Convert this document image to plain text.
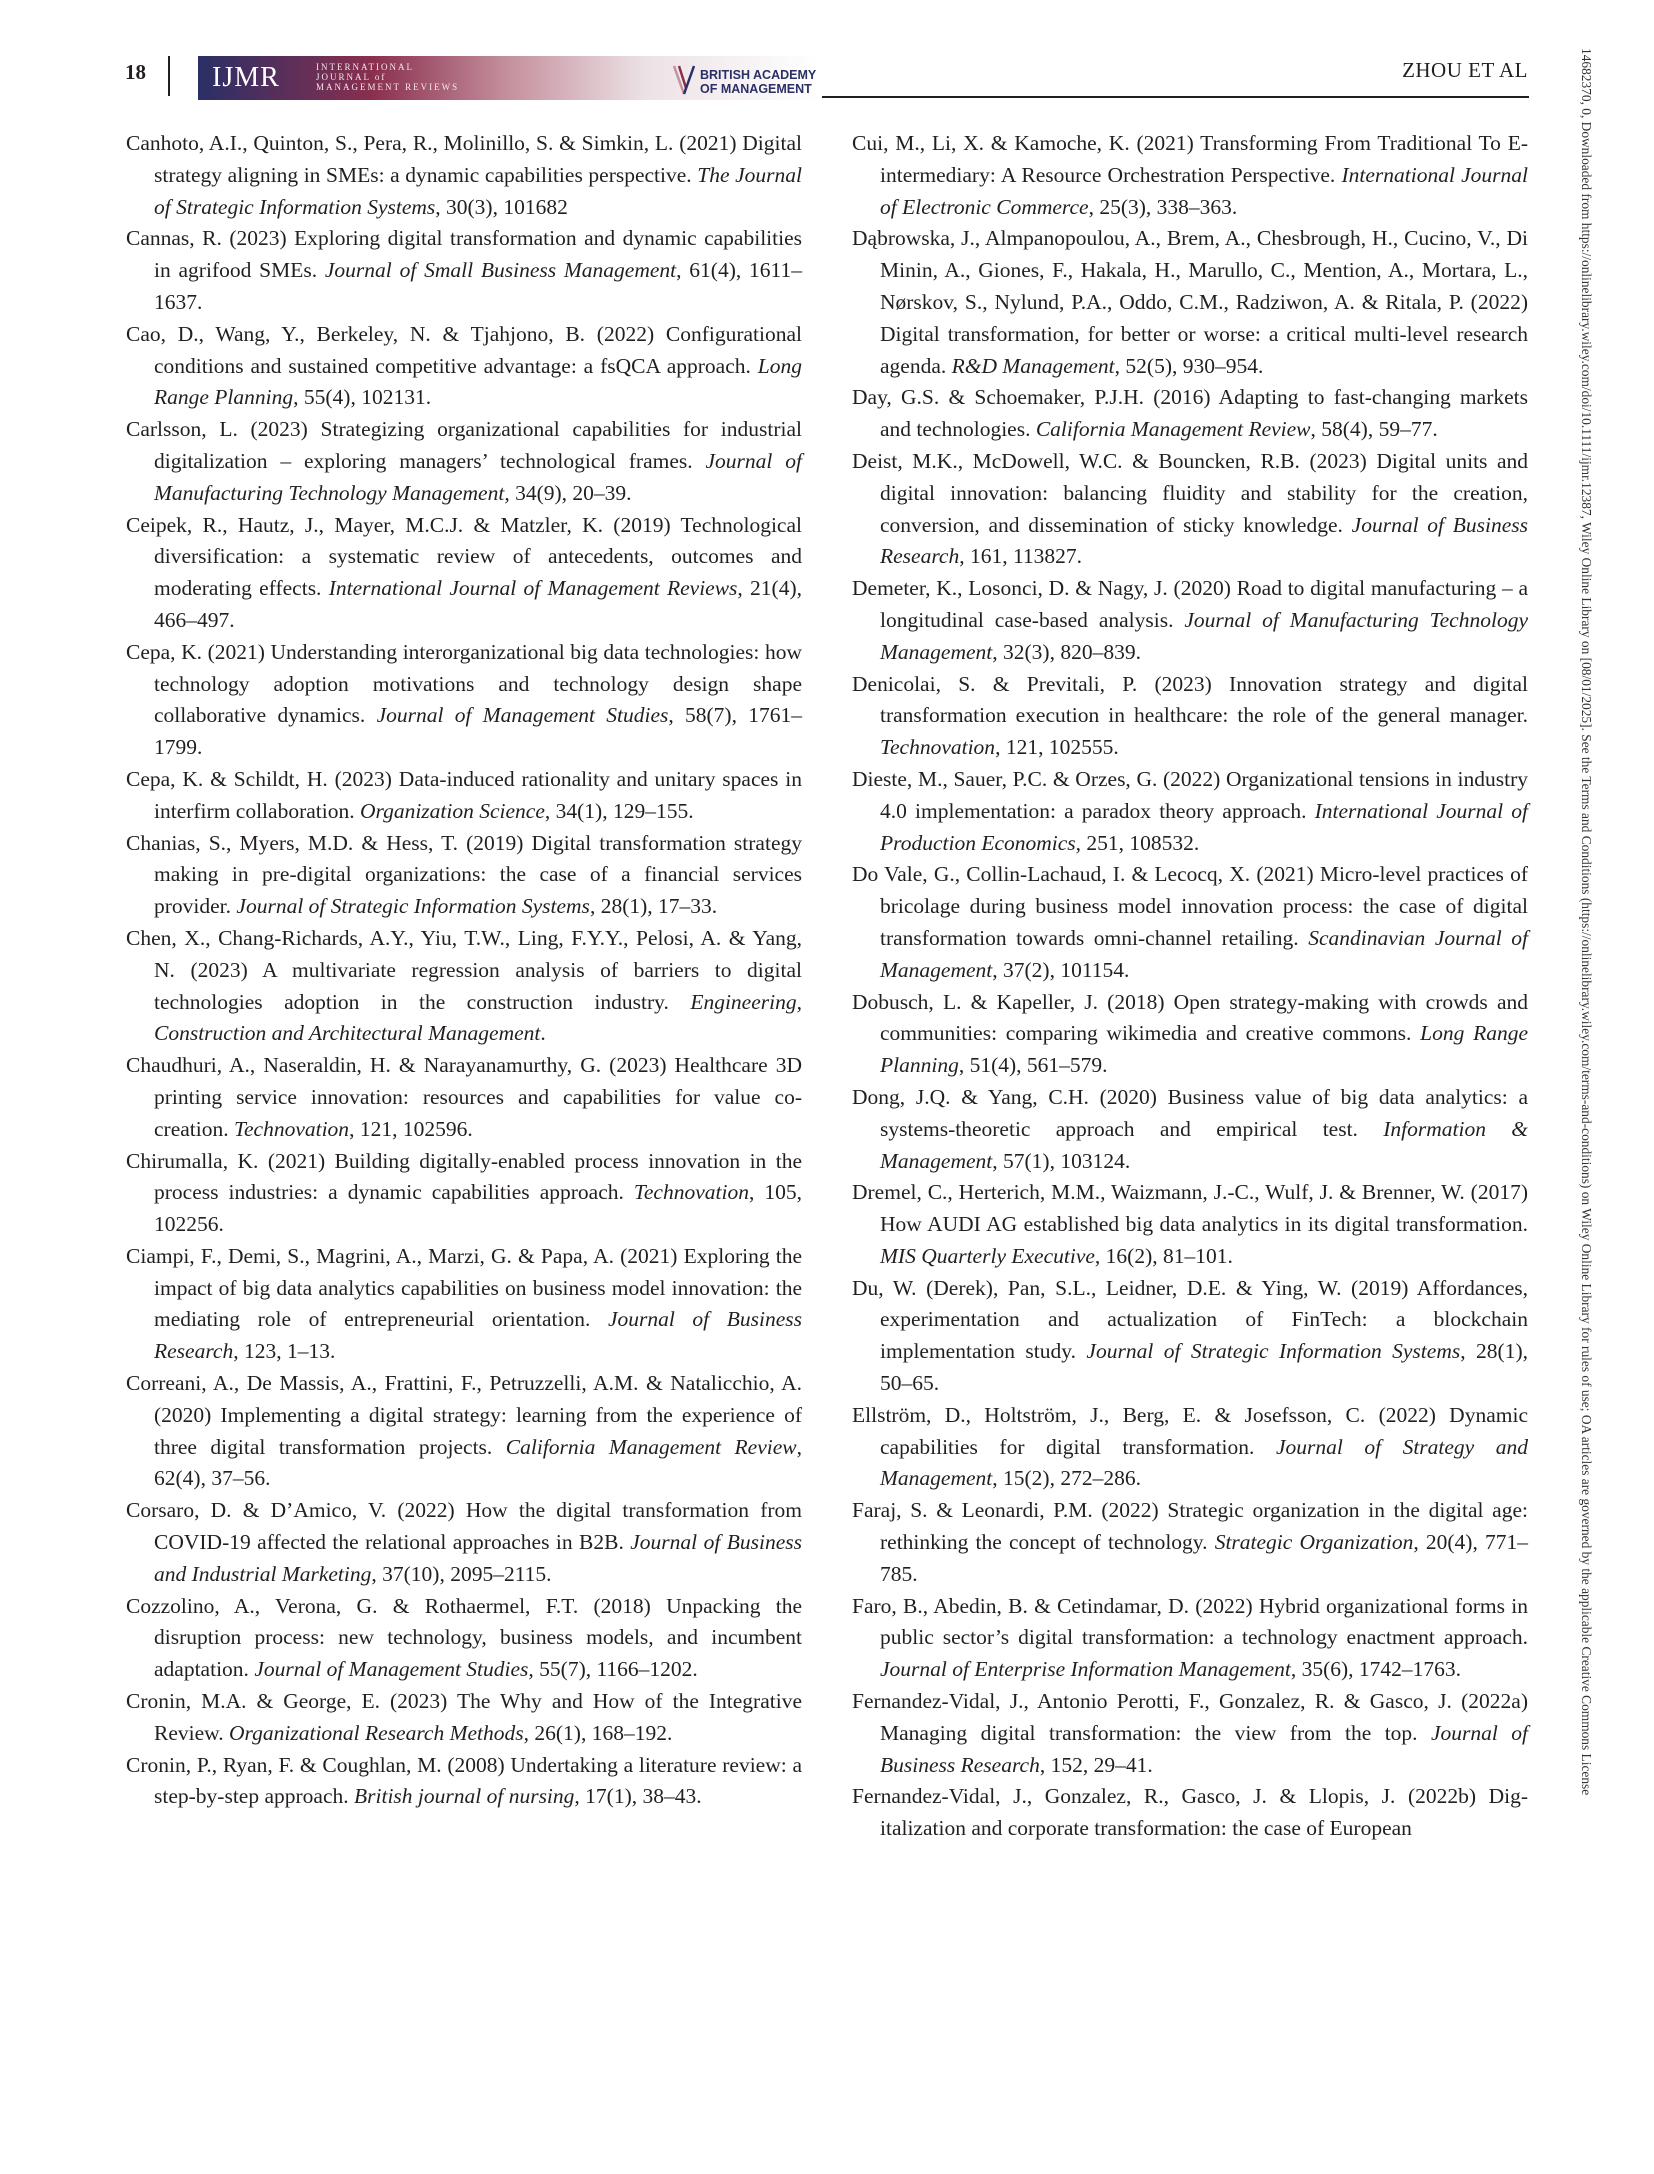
18 IJMR	INTERNATIONAL
JOURNAL of
MANAGEMENT REVIEWS
BRITISH ACADEMY
OF MANAGEMENT
ZHOU ET AL

Canhoto, A.I., Quinton, S., Pera, R., Molinillo, S. & Simkin, L. (2021) Digital strategy aligning in SMEs: a dynamic capabilities perspective. The Journal of Strategic Information Systems, 30(3), 101682

Cannas, R. (2023) Exploring digital transformation and dynamic capabilities in agrifood SMEs. Journal of Small Business Management, 61(4), 1611–1637.

Cao, D., Wang, Y., Berkeley, N. & Tjahjono, B. (2022) Configurational conditions and sustained competitive advantage: a fsQCA approach. Long Range Planning, 55(4), 102131.

Carlsson, L. (2023) Strategizing organizational capabilities for industrial digitalization – exploring managers’ technological frames. Journal of Manufacturing Technology Management, 34(9), 20–39.

Ceipek, R., Hautz, J., Mayer, M.C.J. & Matzler, K. (2019) Technological diversification: a systematic review of antecedents, outcomes and moderating effects. International Journal of Management Reviews, 21(4), 466–497.

Cepa, K. (2021) Understanding interorganizational big data technologies: how technology adoption motivations and technology design shape collaborative dynamics. Journal of Management Studies, 58(7), 1761–1799.

Cepa, K. & Schildt, H. (2023) Data-induced rationality and unitary spaces in interfirm collaboration. Organization Science, 34(1), 129–155.

Chanias, S., Myers, M.D. & Hess, T. (2019) Digital transformation strategy making in pre-digital organizations: the case of a financial services provider. Journal of Strategic Information Systems, 28(1), 17–33.

Chen, X., Chang-Richards, A.Y., Yiu, T.W., Ling, F.Y.Y., Pelosi, A. & Yang, N. (2023) A multivariate regression analysis of barriers to digital technologies adoption in the construction industry. Engineering, Construction and Architectural Management.

Chaudhuri, A., Naseraldin, H. & Narayanamurthy, G. (2023) Healthcare 3D printing service innovation: resources and capabilities for value co-creation. Technovation, 121, 102596.

Chirumalla, K. (2021) Building digitally-enabled process innovation in the process industries: a dynamic capabilities approach. Technovation, 105, 102256.

Ciampi, F., Demi, S., Magrini, A., Marzi, G. & Papa, A. (2021) Exploring the impact of big data analytics capabilities on business model innovation: the mediating role of entrepreneurial orientation. Journal of Business Research, 123, 1–13.

Correani, A., De Massis, A., Frattini, F., Petruzzelli, A.M. & Natalicchio, A. (2020) Implementing a digital strategy: learning from the experience of three digital transformation projects. California Management Review, 62(4), 37–56.

Corsaro, D. & D’Amico, V. (2022) How the digital transformation from COVID-19 affected the relational approaches in B2B. Journal of Business and Industrial Marketing, 37(10), 2095–2115.

Cozzolino, A., Verona, G. & Rothaermel, F.T. (2018) Unpacking the disruption process: new technology, business models, and incumbent adaptation. Journal of Management Studies, 55(7), 1166–1202.

Cronin, M.A. & George, E. (2023) The Why and How of the Integrative Review. Organizational Research Methods, 26(1), 168–192.

Cronin, P., Ryan, F. & Coughlan, M. (2008) Undertaking a literature review: a step-by-step approach. British journal of nursing, 17(1), 38–43.

Cui, M., Li, X. & Kamoche, K. (2021) Transforming From Traditional To E-intermediary: A Resource Orchestration Perspective. International Journal of Electronic Commerce, 25(3), 338–363.

Dąbrowska, J., Almpanopoulou, A., Brem, A., Chesbrough, H., Cucino, V., Di Minin, A., Giones, F., Hakala, H., Marullo, C., Mention, A., Mortara, L., Nørskov, S., Nylund, P.A., Oddo, C.M., Radziwon, A. & Ritala, P. (2022) Digital transformation, for better or worse: a critical multi-level research agenda. R&D Management, 52(5), 930–954.

Day, G.S. & Schoemaker, P.J.H. (2016) Adapting to fast-changing markets and technologies. California Management Review, 58(4), 59–77.

Deist, M.K., McDowell, W.C. & Bouncken, R.B. (2023) Digital units and digital innovation: balancing fluidity and stability for the creation, conversion, and dissemination of sticky knowledge. Journal of Business Research, 161, 113827.

Demeter, K., Losonci, D. & Nagy, J. (2020) Road to digital manufacturing – a longitudinal case-based analysis. Journal of Manufacturing Technology Management, 32(3), 820–839.

Denicolai, S. & Previtali, P. (2023) Innovation strategy and digital transformation execution in healthcare: the role of the general manager. Technovation, 121, 102555.

Dieste, M., Sauer, P.C. & Orzes, G. (2022) Organizational tensions in industry 4.0 implementation: a paradox theory approach. International Journal of Production Economics, 251, 108532.

Do Vale, G., Collin-Lachaud, I. & Lecocq, X. (2021) Micro-level practices of bricolage during business model innovation process: the case of digital transformation towards omni-channel retailing. Scandinavian Journal of Management, 37(2), 101154.

Dobusch, L. & Kapeller, J. (2018) Open strategy-making with crowds and communities: comparing wikimedia and creative commons. Long Range Planning, 51(4), 561–579.

Dong, J.Q. & Yang, C.H. (2020) Business value of big data analytics: a systems-theoretic approach and empirical test. Information & Management, 57(1), 103124.

Dremel, C., Herterich, M.M., Waizmann, J.-C., Wulf, J. & Brenner, W. (2017) How AUDI AG established big data analytics in its digital transformation. MIS Quarterly Executive, 16(2), 81–101.

Du, W. (Derek), Pan, S.L., Leidner, D.E. & Ying, W. (2019) Affordances, experimentation and actualization of FinTech: a blockchain implementation study. Journal of Strategic Information Systems, 28(1), 50–65.

Ellström, D., Holtström, J., Berg, E. & Josefsson, C. (2022) Dynamic capabilities for digital transformation. Journal of Strategy and Management, 15(2), 272–286.

Faraj, S. & Leonardi, P.M. (2022) Strategic organization in the digital age: rethinking the concept of technology. Strategic Organization, 20(4), 771–785.

Faro, B., Abedin, B. & Cetindamar, D. (2022) Hybrid organizational forms in public sector’s digital transformation: a technology enactment approach. Journal of Enterprise Information Management, 35(6), 1742–1763.

Fernandez-Vidal, J., Antonio Perotti, F., Gonzalez, R. & Gasco, J. (2022a) Managing digital transformation: the view from the top. Journal of Business Research, 152, 29–41.

Fernandez-Vidal, J., Gonzalez, R., Gasco, J. & Llopis, J. (2022b) Digitalization and corporate transformation: the case of European

14682370, 0, Downloaded from https://onlinelibrary.wiley.com/doi/10.1111/ijmr.12387, Wiley Online Library on [08/01/2025]. See the Terms and Conditions (https://onlinelibrary.wiley.com/terms-and-conditions) on Wiley Online Library for rules of use; OA articles are governed by the applicable Creative Commons License
